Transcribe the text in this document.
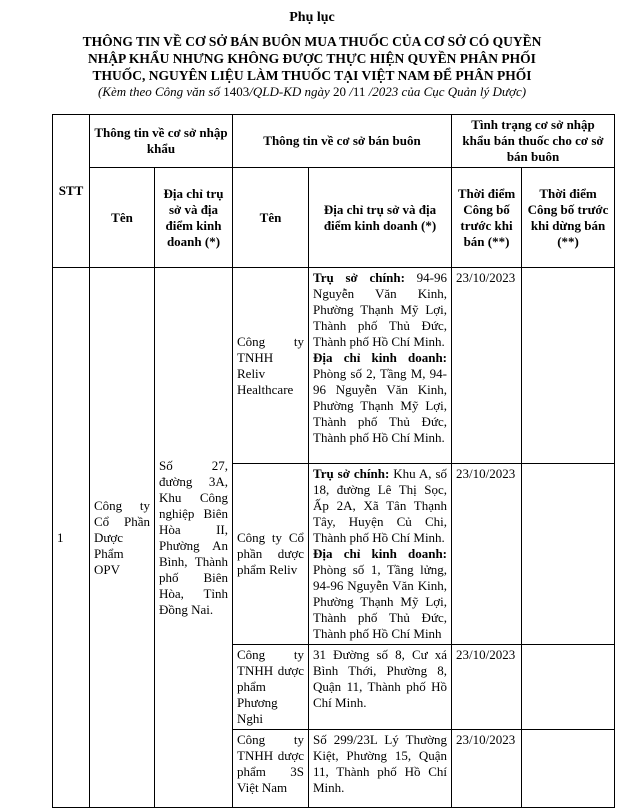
Phụ lục
THÔNG TIN VỀ CƠ SỞ BÁN BUÔN MUA THUỐC CỦA CƠ SỞ CÓ QUYỀN
NHẬP KHẨU NHƯNG KHÔNG ĐƯỢC THỰC HIỆN QUYỀN PHÂN PHỐI
THUỐC, NGUYÊN LIỆU LÀM THUỐC TẠI VIỆT NAM ĐỂ PHÂN PHỐI
(Kèm theo Công văn số 1403/QLD-KD ngày 20 /11 /2023 của Cục Quản lý Dược)
STT	Thông tin về cơ sở nhập khẩu		Thông tin về cơ sở bán buôn		Tình trạng cơ sở nhập khẩu bán thuốc cho cơ sở bán buôn	
	Tên	Địa chỉ trụ sở và địa điểm kinh doanh (*)	Tên	Địa chỉ trụ sở và địa điểm kinh doanh (*)	Thời điểm Công bố trước khi bán (**)	Thời điểm Công bố trước khi dừng bán (**)
1	Công ty Cổ Phần Dược Phẩm OPV	Số 27, đường 3A, Khu Công nghiệp Biên Hòa II, Phường An Bình, Thành phố Biên Hòa, Tỉnh Đồng Nai.	Công ty TNHH Reliv Healthcare	Trụ sở chính: 94-96 Nguyễn Văn Kinh, Phường Thạnh Mỹ Lợi, Thành phố Thủ Đức, Thành phố Hồ Chí Minh.
Địa chỉ kinh doanh: Phòng số 2, Tầng M, 94-96 Nguyễn Văn Kinh, Phường Thạnh Mỹ Lợi, Thành phố Thủ Đức, Thành phố Hồ Chí Minh.	23/10/2023	
			Công ty Cổ phần dược phẩm Reliv	Trụ sở chính: Khu A, số 18, đường Lê Thị Sọc, Ấp 2A, Xã Tân Thạnh Tây, Huyện Củ Chi, Thành phố Hồ Chí Minh.
Địa chỉ kinh doanh: Phòng số 1, Tầng lửng, 94-96 Nguyễn Văn Kinh, Phường Thạnh Mỹ Lợi, Thành phố Thủ Đức, Thành phố Hồ Chí Minh	23/10/2023	
			Công ty TNHH dược phẩm Phương Nghi	31 Đường số 8, Cư xá Bình Thới, Phường 8, Quận 11, Thành phố Hồ Chí Minh.	23/10/2023	
			Công ty TNHH dược phẩm 3S Việt Nam	Số 299/23L Lý Thường Kiệt, Phường 15, Quận 11, Thành phố Hồ Chí Minh.	23/10/2023	
